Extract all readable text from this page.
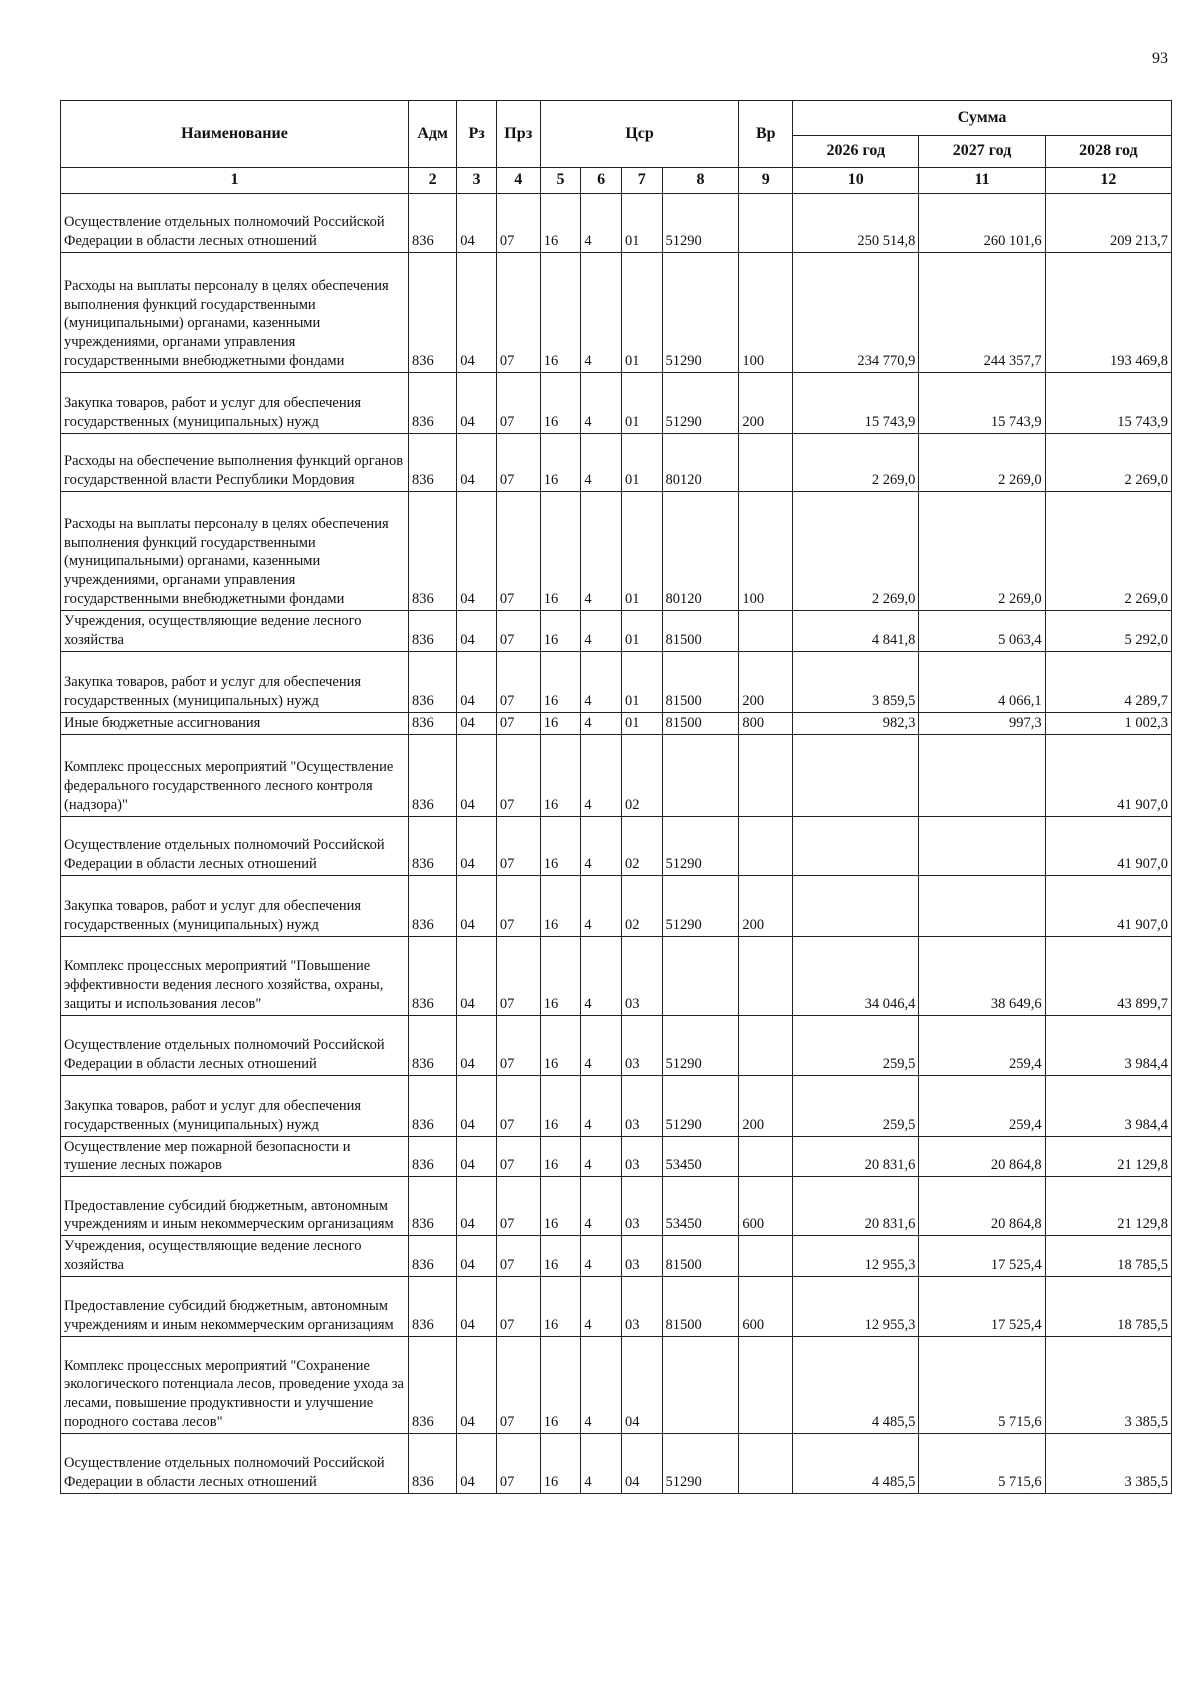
93
Наименование	Адм	Рз	Прз	Цср				Вр	Сумма		
									2026 год	2027 год	2028 год
1	2	3	4	5	6	7	8	9	10	11	12
Осуществление отдельных полномочий Российской Федерации в области лесных отношений	836	04	07	16	4	01	51290		250 514,8	260 101,6	209 213,7
Расходы на выплаты персоналу в целях обеспечения выполнения функций государственными (муниципальными) органами, казенными учреждениями, органами управления государственными внебюджетными фондами	836	04	07	16	4	01	51290	100	234 770,9	244 357,7	193 469,8
Закупка товаров, работ и услуг для обеспечения государственных (муниципальных) нужд	836	04	07	16	4	01	51290	200	15 743,9	15 743,9	15 743,9
Расходы на обеспечение выполнения функций органов государственной власти Республики Мордовия	836	04	07	16	4	01	80120		2 269,0	2 269,0	2 269,0
Расходы на выплаты персоналу в целях обеспечения выполнения функций государственными (муниципальными) органами, казенными учреждениями, органами управления государственными внебюджетными фондами	836	04	07	16	4	01	80120	100	2 269,0	2 269,0	2 269,0
Учреждения, осуществляющие ведение лесного хозяйства	836	04	07	16	4	01	81500		4 841,8	5 063,4	5 292,0
Закупка товаров, работ и услуг для обеспечения государственных (муниципальных) нужд	836	04	07	16	4	01	81500	200	3 859,5	4 066,1	4 289,7
Иные бюджетные ассигнования	836	04	07	16	4	01	81500	800	982,3	997,3	1 002,3
Комплекс процессных мероприятий "Осуществление федерального государственного лесного контроля (надзора)"	836	04	07	16	4	02					41 907,0
Осуществление отдельных полномочий Российской Федерации в области лесных отношений	836	04	07	16	4	02	51290				41 907,0
Закупка товаров, работ и услуг для обеспечения государственных (муниципальных) нужд	836	04	07	16	4	02	51290	200			41 907,0
Комплекс процессных мероприятий "Повышение эффективности ведения лесного хозяйства, охраны, защиты и использования лесов"	836	04	07	16	4	03			34 046,4	38 649,6	43 899,7
Осуществление отдельных полномочий Российской Федерации в области лесных отношений	836	04	07	16	4	03	51290		259,5	259,4	3 984,4
Закупка товаров, работ и услуг для обеспечения государственных (муниципальных) нужд	836	04	07	16	4	03	51290	200	259,5	259,4	3 984,4
Осуществление мер пожарной безопасности и тушение лесных пожаров	836	04	07	16	4	03	53450		20 831,6	20 864,8	21 129,8
Предоставление субсидий бюджетным, автономным учреждениям и иным некоммерческим организациям	836	04	07	16	4	03	53450	600	20 831,6	20 864,8	21 129,8
Учреждения, осуществляющие ведение лесного хозяйства	836	04	07	16	4	03	81500		12 955,3	17 525,4	18 785,5
Предоставление субсидий бюджетным, автономным учреждениям и иным некоммерческим организациям	836	04	07	16	4	03	81500	600	12 955,3	17 525,4	18 785,5
Комплекс процессных мероприятий "Сохранение экологического потенциала лесов, проведение ухода за лесами, повышение продуктивности и улучшение породного состава лесов"	836	04	07	16	4	04			4 485,5	5 715,6	3 385,5
Осуществление отдельных полномочий Российской Федерации в области лесных отношений	836	04	07	16	4	04	51290		4 485,5	5 715,6	3 385,5
